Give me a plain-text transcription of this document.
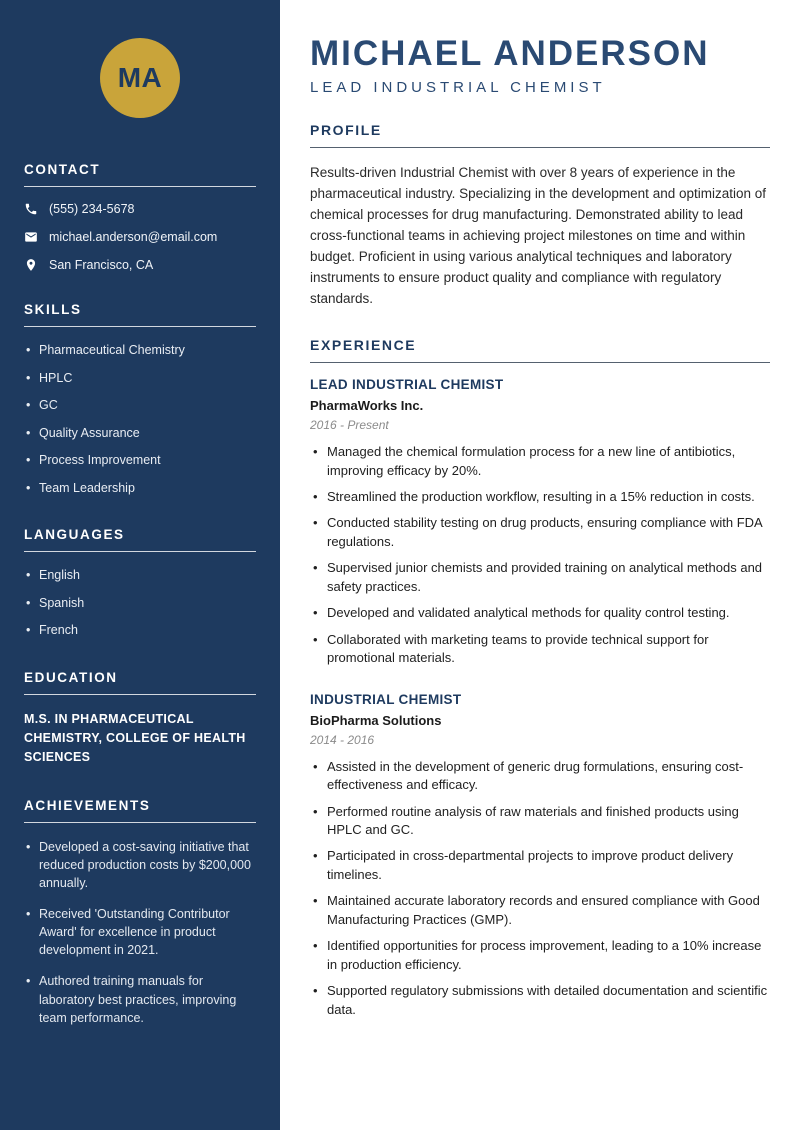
MA
CONTACT
(555) 234-5678
michael.anderson@email.com
San Francisco, CA
SKILLS
• Pharmaceutical Chemistry
• HPLC
• GC
• Quality Assurance
• Process Improvement
• Team Leadership
LANGUAGES
• English
• Spanish
• French
EDUCATION
M.S. IN PHARMACEUTICAL CHEMISTRY, COLLEGE OF HEALTH SCIENCES
ACHIEVEMENTS
• Developed a cost-saving initiative that reduced production costs by $200,000 annually.
• Received 'Outstanding Contributor Award' for excellence in product development in 2021.
• Authored training manuals for laboratory best practices, improving team performance.
MICHAEL ANDERSON
LEAD INDUSTRIAL CHEMIST
PROFILE

Results-driven Industrial Chemist with over 8 years of experience in the pharmaceutical industry. Specializing in the development and optimization of chemical processes for drug manufacturing. Demonstrated ability to lead cross-functional teams in achieving project milestones on time and within budget. Proficient in using various analytical techniques and laboratory instruments to ensure product quality and compliance with regulatory standards.

EXPERIENCE
LEAD INDUSTRIAL CHEMIST
PharmaWorks Inc.
2016 - Present
• Managed the chemical formulation process for a new line of antibiotics, improving efficacy by 20%.
• Streamlined the production workflow, resulting in a 15% reduction in costs.
• Conducted stability testing on drug products, ensuring compliance with FDA regulations.
• Supervised junior chemists and provided training on analytical methods and safety practices.
• Developed and validated analytical methods for quality control testing.
• Collaborated with marketing teams to provide technical support for promotional materials.
INDUSTRIAL CHEMIST
BioPharma Solutions
2014 - 2016
• Assisted in the development of generic drug formulations, ensuring cost-effectiveness and efficacy.
• Performed routine analysis of raw materials and finished products using HPLC and GC.
• Participated in cross-departmental projects to improve product delivery timelines.
• Maintained accurate laboratory records and ensured compliance with Good Manufacturing Practices (GMP).
• Identified opportunities for process improvement, leading to a 10% increase in production efficiency.
• Supported regulatory submissions with detailed documentation and scientific data.
